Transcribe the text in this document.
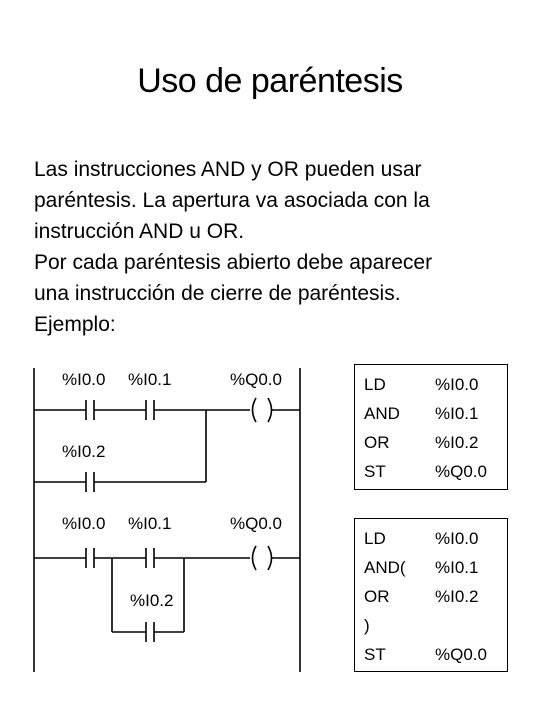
Uso de paréntesis
Las instrucciones AND y OR pueden usar
paréntesis. La apertura va asociada con la
instrucción AND u OR.
Por cada paréntesis abierto debe aparecer
una instrucción de cierre de paréntesis.
Ejemplo:
%I0.0 %I0.1	%Q0.0
%I0.2
%I0.0 %I0.1	%Q0.0
%I0.2
LD	%I0.0
AND %I0.1
OR	%I0.2
ST	%Q0.0
LD	%I0.0
AND( %I0.1
OR	%I0.2
)
ST	%Q0.0
